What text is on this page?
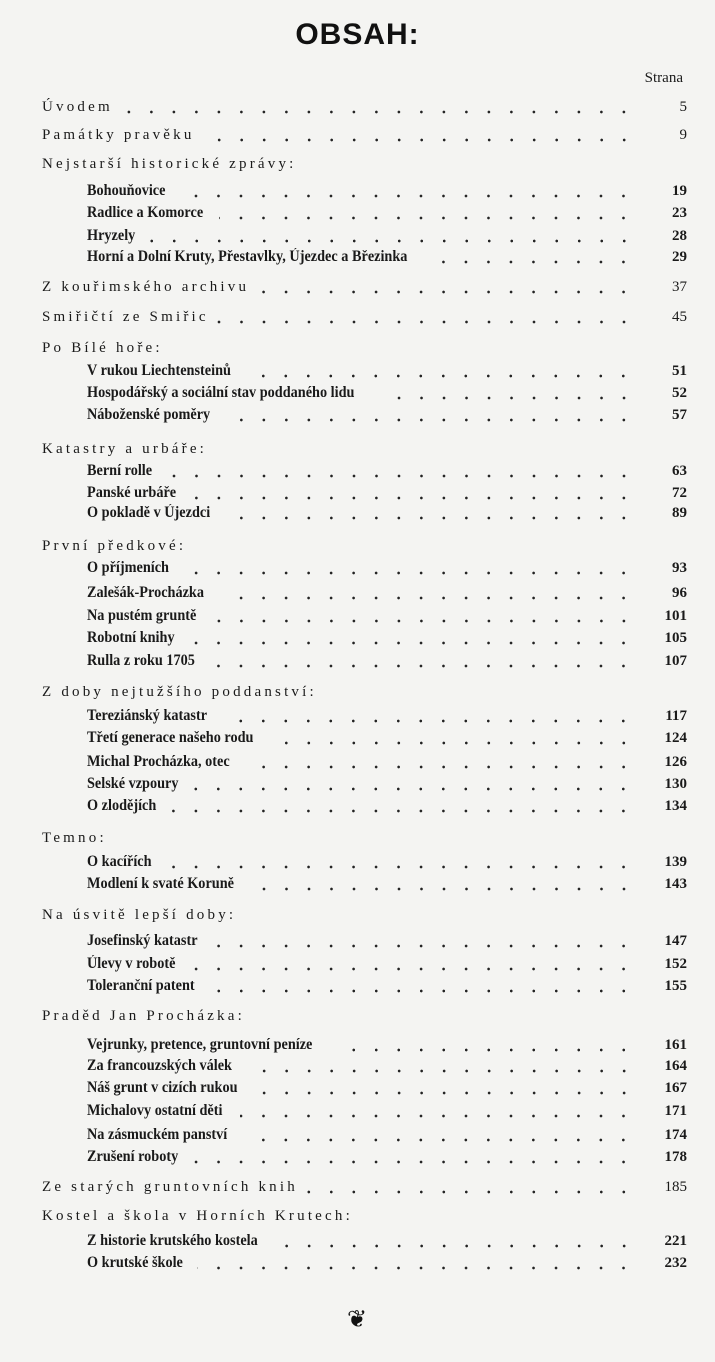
OBSAH:
Strana
Úvodem	5
Památky pravěku	9
Nejstarší historické zprávy:
Bohouňovice	19
Radlice a Komorce	23
Hryzely	28
Horní a Dolní Kruty, Přestavlky, Újezdec a Březinka	29
Z kouřimského archivu	37
Smiřičtí ze Smiřic	45
Po Bílé hoře:
V rukou Liechtensteinů	51
Hospodářský a sociální stav poddaného lidu	52
Náboženské poměry	57
Katastry a urbáře:
Berní rolle	63
Panské urbáře	72
O pokladě v Újezdci	89
První předkové:
O příjmeních	93
Zalešák-Procházka	96
Na pustém gruntě	101
Robotní knihy	105
Rulla z roku 1705	107
Z doby nejtužšího poddanství:
Tereziánský katastr	117
Třetí generace našeho rodu	124
Michal Procházka, otec	126
Selské vzpoury	130
O zlodějích	134
Temno:
O kacířích	139
Modlení k svaté Koruně	143
Na úsvitě lepší doby:
Josefinský katastr	147
Úlevy v robotě	152
Toleranční patent	155
Praděd Jan Procházka:
Vejrunky, pretence, gruntovní peníze	161
Za francouzských válek	164
Náš grunt v cizích rukou	167
Michalovy ostatní děti	171
Na zásmuckém panství	174
Zrušení roboty	178
Ze starých gruntovních knih	185
Kostel a škola v Horních Krutech:
Z historie krutského kostela	221
O krutské škole	232
❦
